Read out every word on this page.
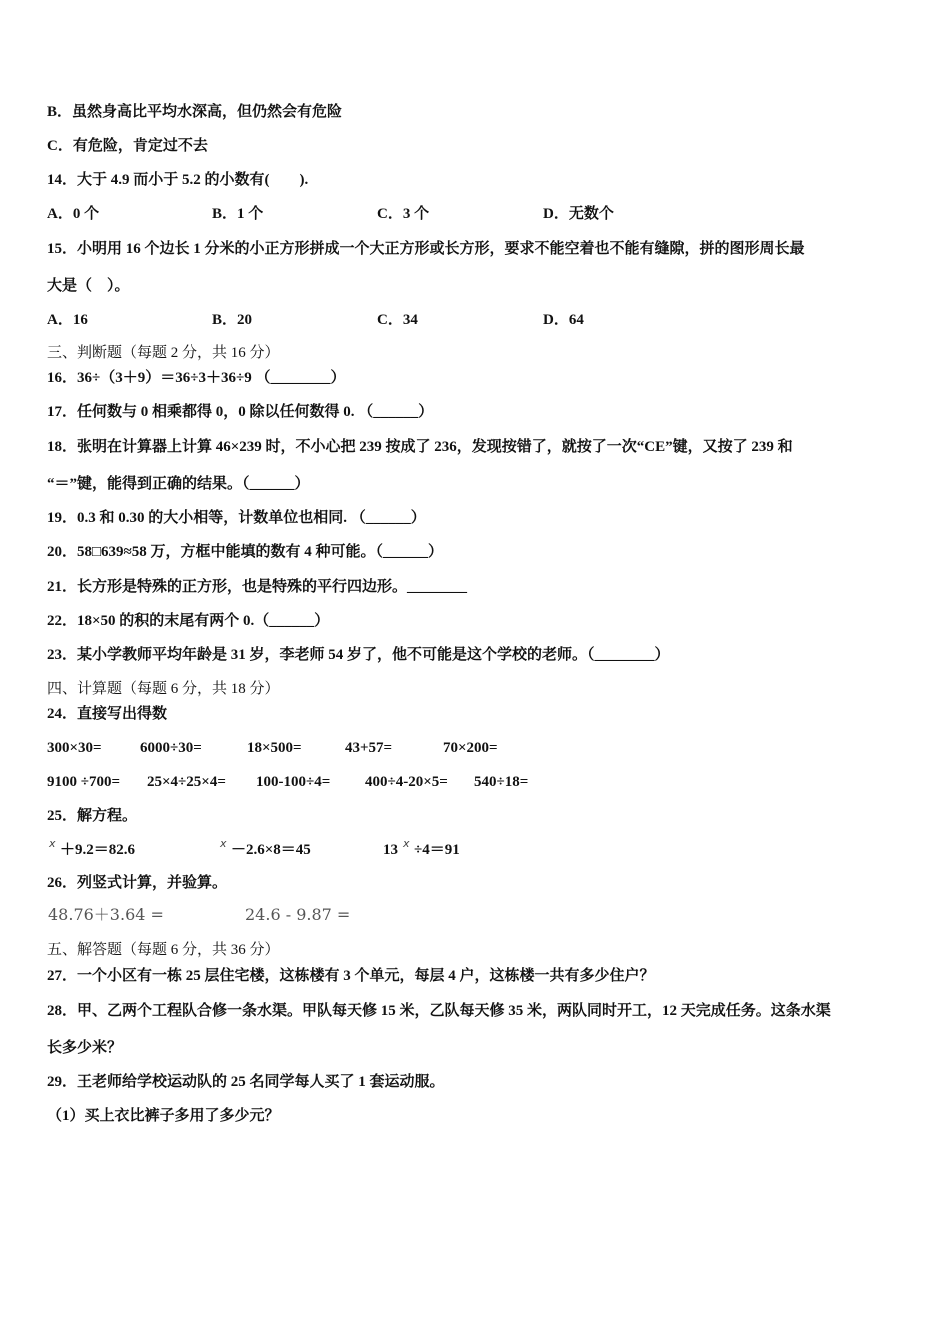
B．虽然身高比平均水深高，但仍然会有危险
C．有危险，肯定过不去
14．大于 4.9 而小于 5.2 的小数有(　　).
A．0 个	B．1 个	C．3 个	D．无数个
15．小明用 16 个边长 1 分米的小正方形拼成一个大正方形或长方形，要求不能空着也不能有缝隙，拼的图形周长最
大是（　）。
A．16	B．20	C．34	D．64
三、判断题（每题 2 分，共 16 分）
16．36÷（3＋9）＝36÷3＋36÷9 （________）
17．任何数与 0 相乘都得 0，0 除以任何数得 0. （______）
18．张明在计算器上计算 46×239 时，不小心把 239 按成了 236，发现按错了，就按了一次“CE”键，又按了 239 和
“＝”键，能得到正确的结果。（______）
19．0.3 和 0.30 的大小相等，计数单位也相同. （______）
20．58□639≈58 万，方框中能填的数有 4 种可能。（______）
21．长方形是特殊的正方形，也是特殊的平行四边形。________
22．18×50 的积的末尾有两个 0.（______）
23．某小学教师平均年龄是 31 岁，李老师 54 岁了，他不可能是这个学校的老师。（________）
四、计算题（每题 6 分，共 18 分）
24．直接写出得数
300×30=	6000÷30=	18×500=	43+57=	70×200=
9100 ÷700= 25×4÷25×4= 100-100÷4= 400÷4-20×5= 540÷18=
25．解方程。
x ＋9.2＝82.6	x －2.6×8＝45	13 x ÷4＝91
26．列竖式计算，并验算。
48.76＋3.64 =	24.6 - 9.87 =
五、解答题（每题 6 分，共 36 分）
27．一个小区有一栋 25 层住宅楼，这栋楼有 3 个单元，每层 4 户，这栋楼一共有多少住户？
28．甲、乙两个工程队合修一条水渠。甲队每天修 15 米，乙队每天修 35 米，两队同时开工，12 天完成任务。这条水渠
长多少米？
29．王老师给学校运动队的 25 名同学每人买了 1 套运动服。
（1）买上衣比裤子多用了多少元？
